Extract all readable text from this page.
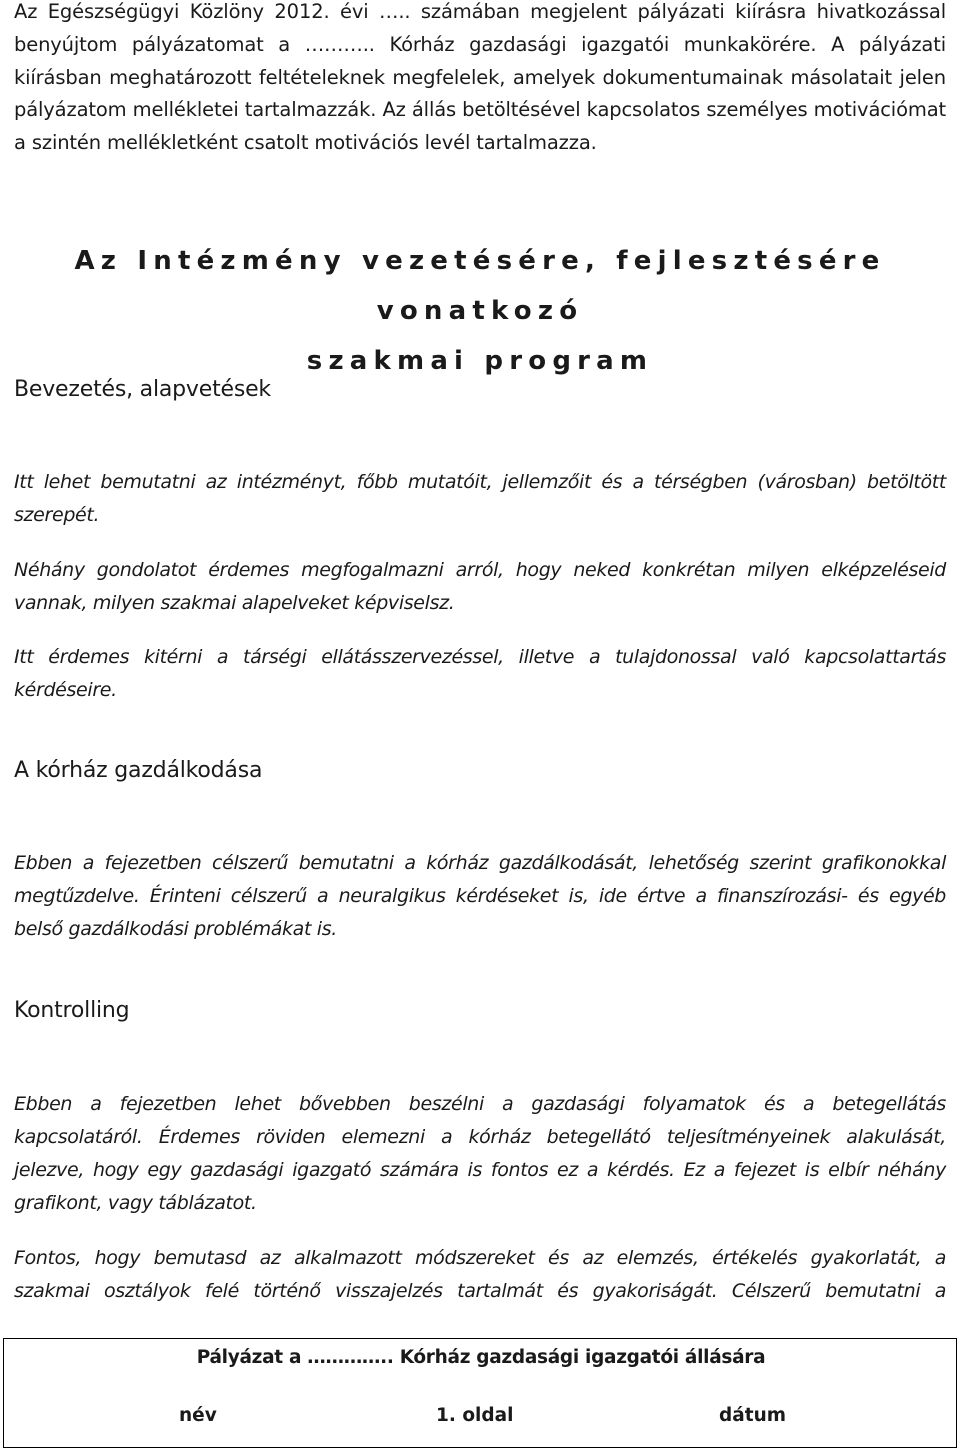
Az Egészségügyi Közlöny 2012. évi ….. számában megjelent pályázati kiírásra hivatkozással
benyújtom pályázatomat a ……….. Kórház gazdasági igazgatói munkakörére. A pályázati
kiírásban meghatározott feltételeknek megfelelek, amelyek dokumentumainak másolatait jelen
pályázatom mellékletei tartalmazzák. Az állás betöltésével kapcsolatos személyes motivációmat
a szintén mellékletként csatolt motivációs levél tartalmazza.

Az Intézmény vezetésére, fejlesztésére vonatkozó
szakmai program
Bevezetés, alapvetések

Itt lehet bemutatni az intézményt, főbb mutatóit, jellemzőit és a térségben (városban) betöltött
szerepét.

Néhány gondolatot érdemes megfogalmazni arról, hogy neked konkrétan milyen elképzeléseid
vannak, milyen szakmai alapelveket képviselsz.

Itt érdemes kitérni a társégi ellátásszervezéssel, illetve a tulajdonossal való kapcsolattartás
kérdéseire.

A kórház gazdálkodása

Ebben a fejezetben célszerű bemutatni a kórház gazdálkodását, lehetőség szerint grafikonokkal
megtűzdelve. Érinteni célszerű a neuralgikus kérdéseket is, ide értve a finanszírozási- és egyéb
belső gazdálkodási problémákat is.

Kontrolling

Ebben a fejezetben lehet bővebben beszélni a gazdasági folyamatok és a betegellátás
kapcsolatáról. Érdemes röviden elemezni a kórház betegellátó teljesítményeinek alakulását,
jelezve, hogy egy gazdasági igazgató számára is fontos ez a kérdés. Ez a fejezet is elbír néhány
grafikont, vagy táblázatot.

Fontos, hogy bemutasd az alkalmazott módszereket és az elemzés, értékelés gyakorlatát, a
szakmai osztályok felé történő visszajelzés tartalmát és gyakoriságát. Célszerű bemutatni a

Pályázat a ………….. Kórház gazdasági igazgatói állására
név	1. oldal	dátum
